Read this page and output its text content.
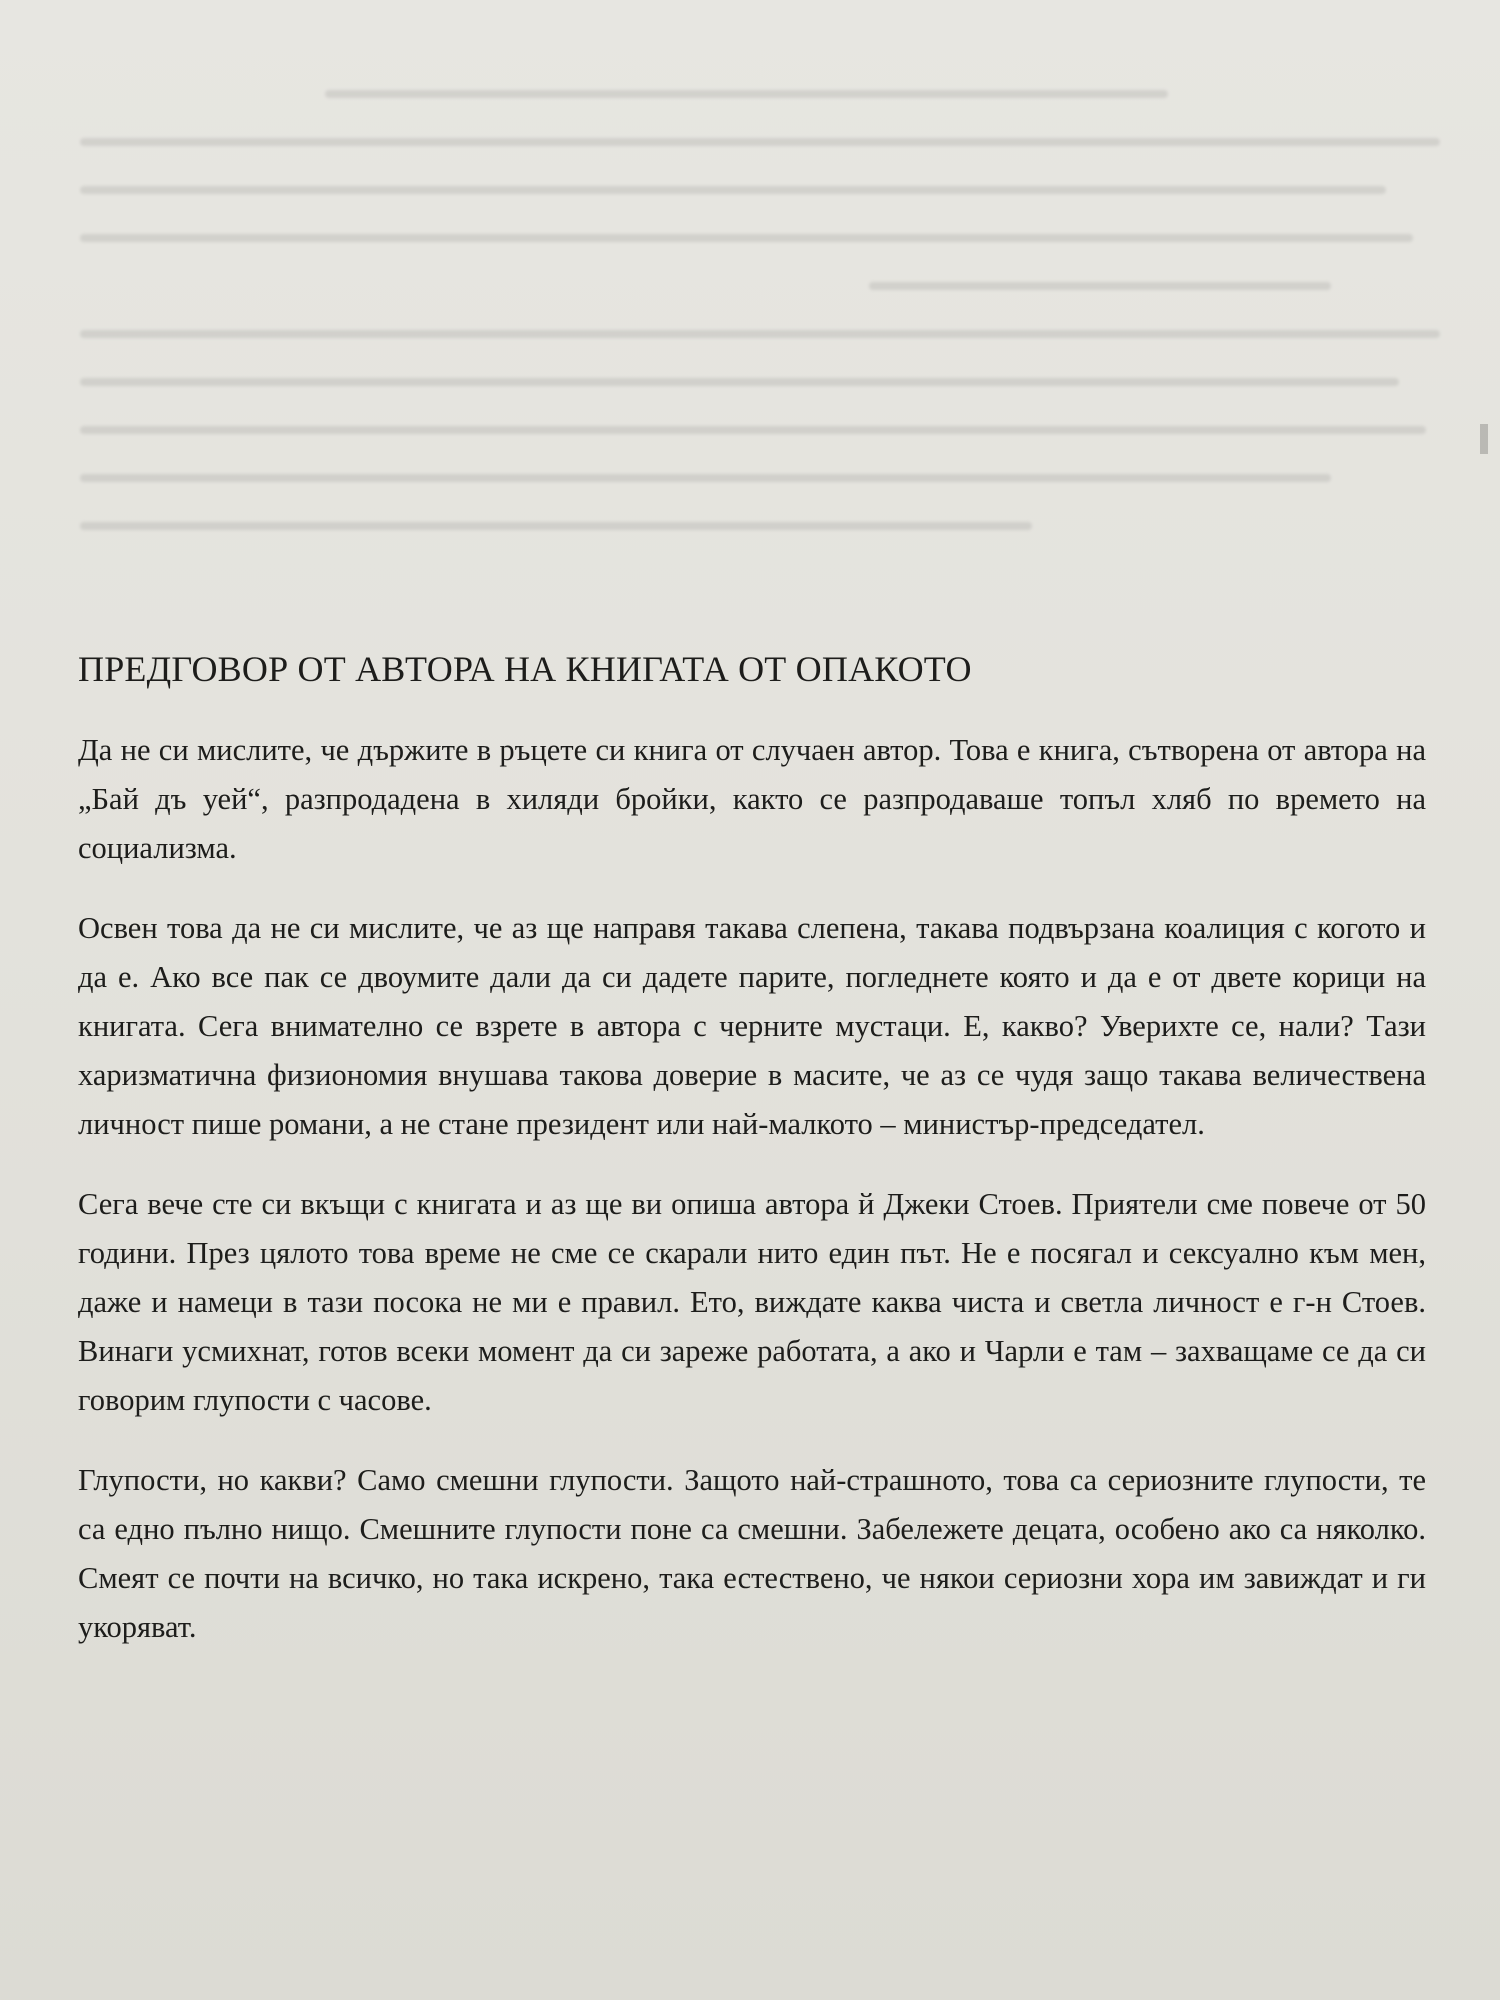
ПРЕДГОВОР ОТ АВТОРА НА КНИГАТА ОТ ОПАКОТО

Да не си мислите, че държите в ръцете си книга от случаен автор. Това е книга, сътворена от автора на „Бай дъ уей“, разпродадена в хиляди бройки, както се разпродаваше топъл хляб по времето на социализма.

Освен това да не си мислите, че аз ще направя такава слепена, такава подвързана коалиция с когото и да е. Ако все пак се двоумите дали да си дадете парите, погледнете която и да е от двете корици на книгата. Сега внимателно се взрете в автора с черните мустаци. Е, какво? Уверихте се, нали? Тази харизматична физиономия внушава такова доверие в масите, че аз се чудя защо такава величествена личност пише романи, а не стане президент или най-малкото – министър-председател.

Сега вече сте си вкъщи с книгата и аз ще ви опиша автора й Джеки Стоев. Приятели сме повече от 50 години. През цялото това време не сме се скарали нито един път. Не е посягал и сексуално към мен, даже и намеци в тази посока не ми е правил. Ето, виждате каква чиста и светла личност е г-н Стоев. Винаги усмихнат, готов всеки момент да си зареже работата, а ако и Чарли е там – захващаме се да си говорим глупости с часове.

Глупости, но какви? Само смешни глупости. Защото най-страшното, това са сериозните глупости, те са едно пълно нищо. Смешните глупости поне са смешни. Забележете децата, особено ако са няколко. Смеят се почти на всичко, но така искрено, така естествено, че някои сериозни хора им завиждат и ги укоряват.
